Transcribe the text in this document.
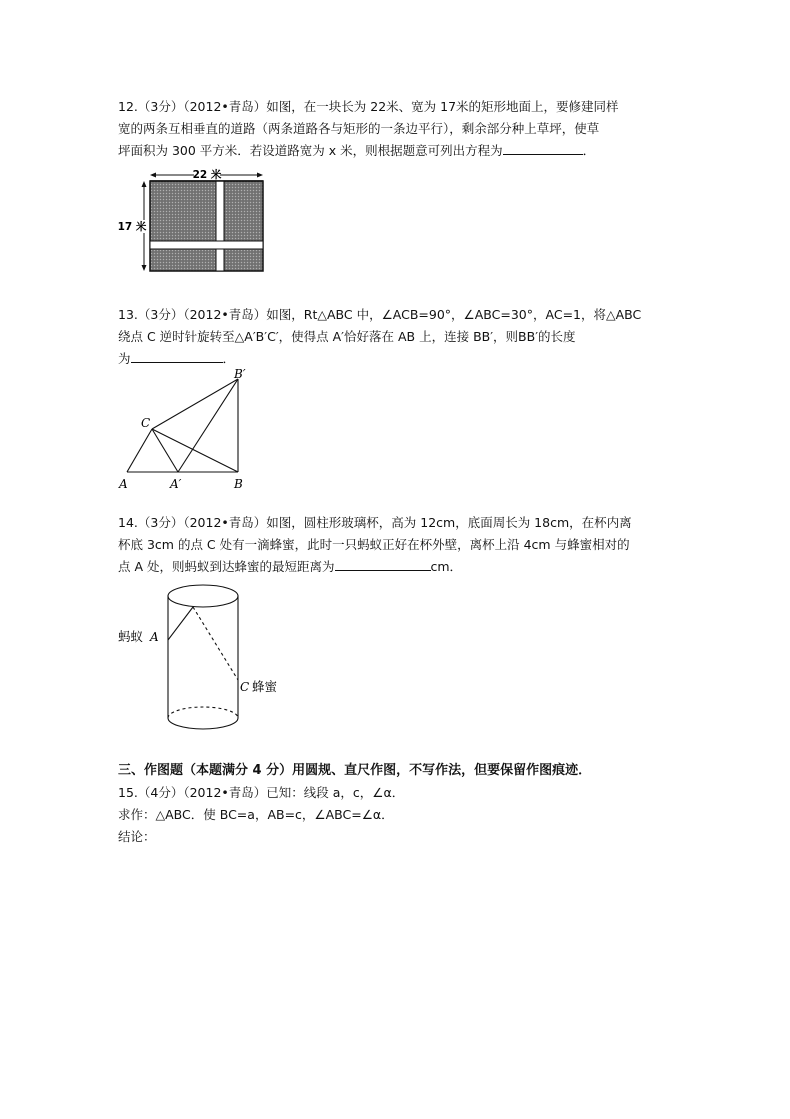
12.（3分）（2012•青岛）如图，在一块长为 22米、宽为 17米的矩形地面上，要修建同样
宽的两条互相垂直的道路（两条道路各与矩形的一条边平行），剩余部分种上草坪，使草
坪面积为 300 平方米．若设道路宽为 x 米，则根据题意可列出方程为	．
22 米
17 米
13.（3分）（2012•青岛）如图，Rt△ABC 中，∠ACB=90°，∠ABC=30°，AC=1，将△ABC
绕点 C 逆时针旋转至△A′B′C′，使得点 A′恰好落在 AB 上，连接 BB′，则BB′的长度
为	．
C
A	A′	B
B′
14.（3分）（2012•青岛）如图，圆柱形玻璃杯，高为 12cm，底面周长为 18cm，在杯内离
杯底 3cm 的点 C 处有一滴蜂蜜，此时一只蚂蚁正好在杯外壁，离杯上沿 4cm 与蜂蜜相对的
点 A 处，则蚂蚁到达蜂蜜的最短距离为	cm．
蚂蚁 A
C 蜂蜜
三、作图题（本题满分 4 分）用圆规、直尺作图，不写作法，但要保留作图痕迹．
15.（4分）（2012•青岛）已知：线段 a，c，∠α．
求作：△ABC．使 BC=a，AB=c，∠ABC=∠α．
结论：
